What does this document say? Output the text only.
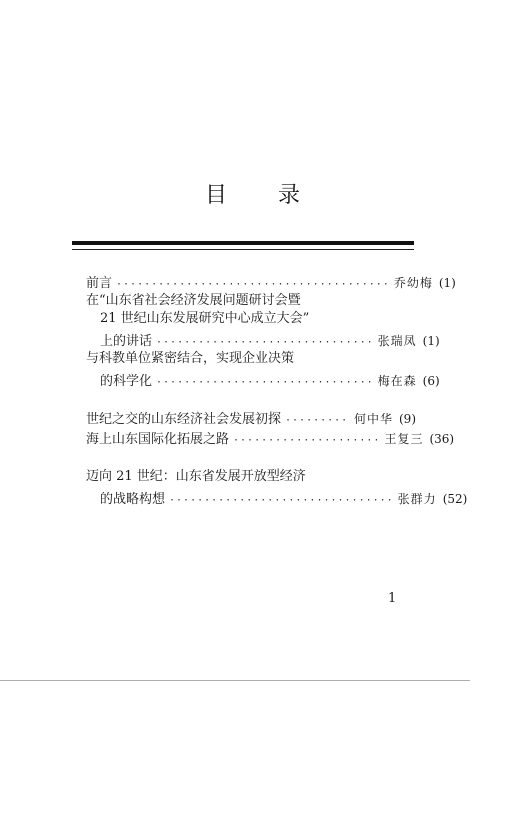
目 录
前言 ······································· 乔幼梅 (1)
在“山东省社会经济发展问题研讨会暨
21 世纪山东发展研究中心成立大会”
上的讲话 ······························· 张瑞凤 (1)
与科教单位紧密结合，实现企业决策
的科学化 ······························· 梅在森 (6)
世纪之交的山东经济社会发展初探 ········· 何中华 (9)
海上山东国际化拓展之路 ····················· 王复三 (36)
迈向 21 世纪：山东省发展开放型经济
的战略构想 ································ 张群力 (52)
1
